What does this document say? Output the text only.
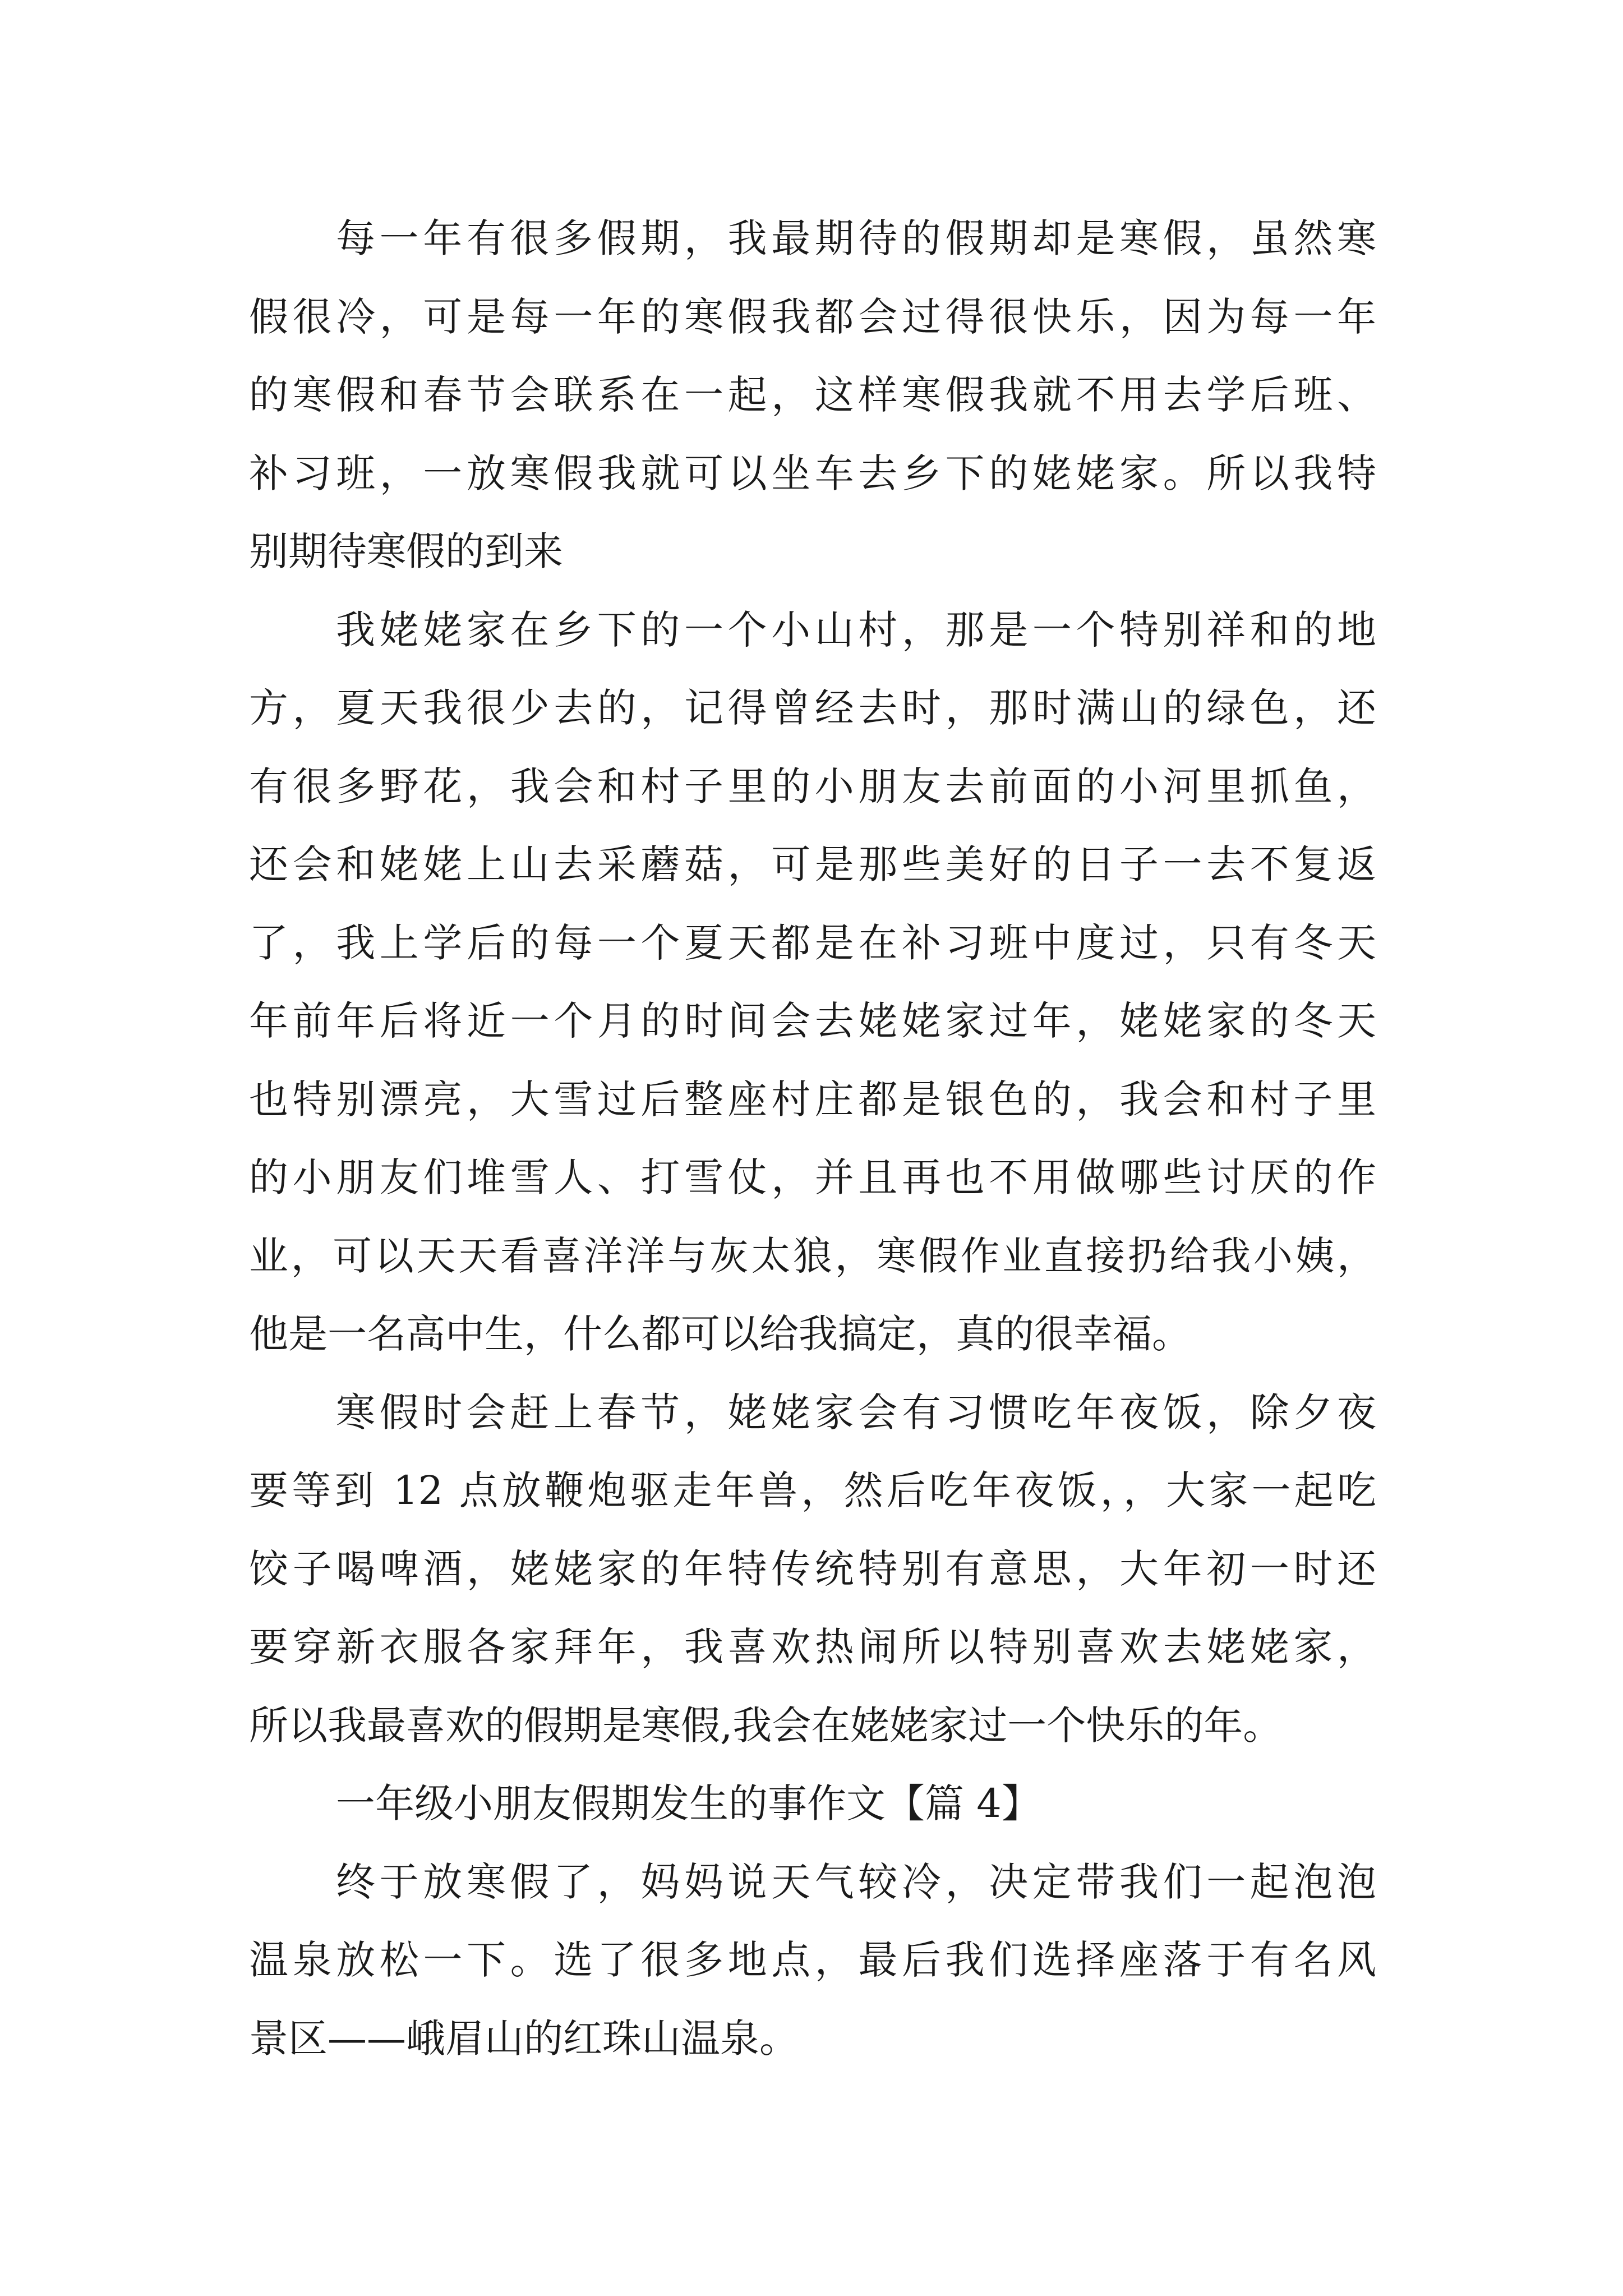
每一年有很多假期，我最期待的假期却是寒假，虽然寒
假很冷，可是每一年的寒假我都会过得很快乐，因为每一年
的寒假和春节会联系在一起，这样寒假我就不用去学后班、
补习班，一放寒假我就可以坐车去乡下的姥姥家。所以我特
别期待寒假的到来
我姥姥家在乡下的一个小山村，那是一个特别祥和的地
方，夏天我很少去的，记得曾经去时，那时满山的绿色，还
有很多野花，我会和村子里的小朋友去前面的小河里抓鱼，
还会和姥姥上山去采蘑菇，可是那些美好的日子一去不复返
了，我上学后的每一个夏天都是在补习班中度过，只有冬天
年前年后将近一个月的时间会去姥姥家过年，姥姥家的冬天
也特别漂亮，大雪过后整座村庄都是银色的，我会和村子里
的小朋友们堆雪人、打雪仗，并且再也不用做哪些讨厌的作
业，可以天天看喜洋洋与灰太狼，寒假作业直接扔给我小姨，
他是一名高中生，什么都可以给我搞定，真的很幸福。
寒假时会赶上春节，姥姥家会有习惯吃年夜饭，除夕夜
要等到 12 点放鞭炮驱走年兽，然后吃年夜饭，，大家一起吃
饺子喝啤酒，姥姥家的年特传统特别有意思，大年初一时还
要穿新衣服各家拜年，我喜欢热闹所以特别喜欢去姥姥家，
所以我最喜欢的假期是寒假,我会在姥姥家过一个快乐的年。
一年级小朋友假期发生的事作文【篇 4】
终于放寒假了，妈妈说天气较冷，决定带我们一起泡泡
温泉放松一下。选了很多地点，最后我们选择座落于有名风
景区——峨眉山的红珠山温泉。
